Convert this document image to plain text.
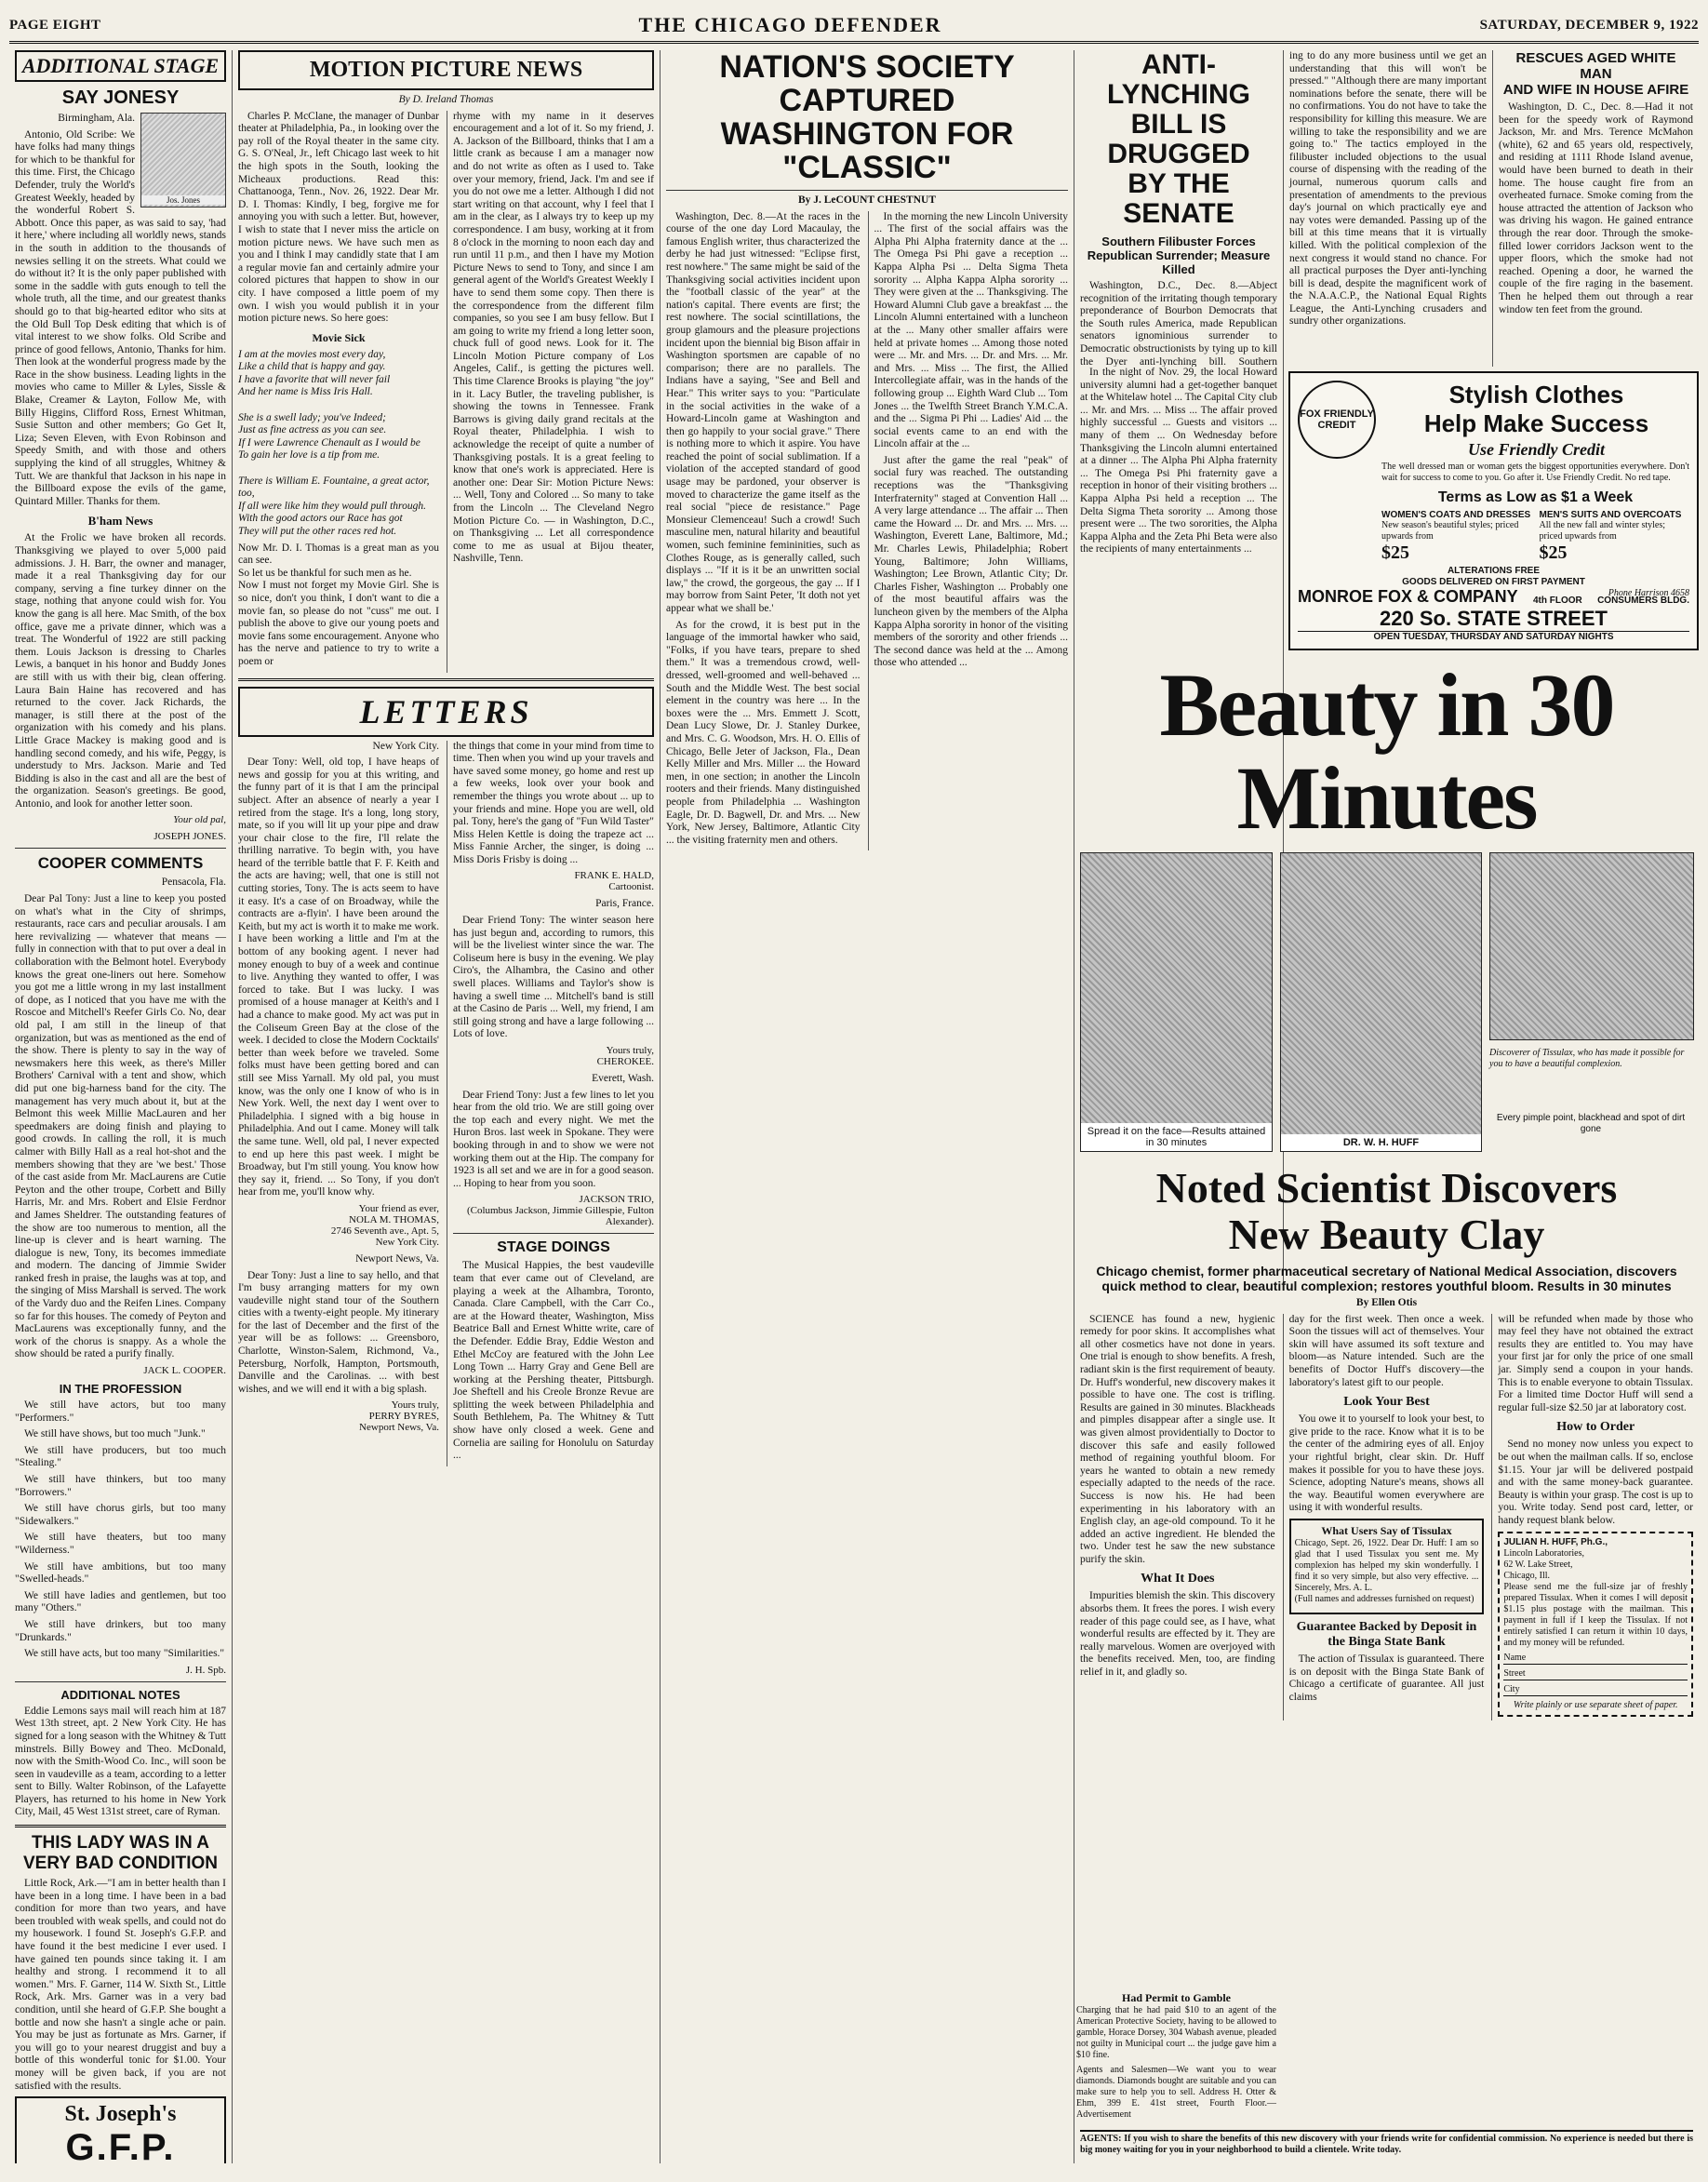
PAGE EIGHT	THE CHICAGO DEFENDER	SATURDAY, DECEMBER 9, 1922
ADDITIONAL STAGE
SAY JONESY
Jos. Jones

Birmingham, Ala.

Antonio, Old Scribe: We have folks had many things for which to be thankful for this time. First, the Chicago Defender, truly the World's Greatest Weekly, headed by the wonderful Robert S. Abbott. Once this paper, as was said to say, 'had it here,' where including all worldly news, stands in the south in addition to the thousands of newsies selling it on the streets. What could we do without it? It is the only paper published with some in the saddle with guts enough to tell the whole truth, all the time, and our greatest thanks should go to that big-hearted editor who sits at the Old Bull Top Desk editing that which is of vital interest to we show folks. Old Scribe and prince of good fellows, Antonio, Thanks for him. Then look at the wonderful progress made by the Race in the show business. Leading lights in the movies who came to Miller & Lyles, Sissle & Blake, Creamer & Layton, Follow Me, with Billy Higgins, Clifford Ross, Ernest Whitman, Susie Sutton and other members; Go Get It, Liza; Seven Eleven, with Evon Robinson and Speedy Smith, and with those and others supplying the kind of all struggles, Whitney & Tutt. We are thankful that Jackson in his nape in the Billboard expose the evils of the game, Quintard Miller. Thanks for them.

B'ham News

At the Frolic we have broken all records. Thanksgiving we played to over 5,000 paid admissions. J. H. Barr, the owner and manager, made it a real Thanksgiving day for our company, serving a fine turkey dinner on the stage, nothing that anyone could wish for. You know the gang is all here. Mac Smith, of the box office, gave me a private dinner, which was a treat. The Wonderful of 1922 are still packing them. Louis Jackson is dressing to Charles Lewis, a banquet in his honor and Buddy Jones are still with us with their big, clean offering. Laura Bain Haine has recovered and has returned to the cover. Jack Richards, the manager, is still there at the post of the organization with his comedy and his plans. Little Grace Mackey is making good and is handling second comedy, and his wife, Peggy, is understudy to Mrs. Jackson. Marie and Ted Bidding is also in the cast and all are the best of the organization. Season's greetings. Be good, Antonio, and look for another letter soon.

Your old pal,
JOSEPH JONES.
COOPER COMMENTS

Pensacola, Fla.

Dear Pal Tony: Just a line to keep you posted on what's what in the City of shrimps, restaurants, race cars and peculiar arousals. I am here revivalizing — whatever that means — fully in connection with that to put over a deal in collaboration with the Belmont hotel. Everybody knows the great one-liners out here. Somehow you got me a little wrong in my last installment of dope, as I noticed that you have me with the Roscoe and Mitchell's Reefer Girls Co. No, dear old pal, I am still in the lineup of that organization, but was as mentioned as the end of the show. There is plenty to say in the way of newsmakers here this week, as there's Miller Brothers' Carnival with a tent and show, which did put one big-harness band for the city. The management has very much about it, but at the Belmont this week Millie MacLauren and her speedmakers are doing finish and playing to good crowds. In calling the roll, it is much calmer with Billy Hall as a real hot-shot and the members showing that they are 'we best.' Those of the cast aside from Mr. MacLaurens are Cutie Peyton and the other troupe, Corbett and Billy Harris, Mr. and Mrs. Robert and Elsie Ferdnor and James Sheldrer. The outstanding features of the show are too numerous to mention, all the line-up is clever and is heart warning. The dialogue is new, Tony, its becomes immediate and modern. The dancing of Jimmie Swider ranked fresh in praise, the laughs was at top, and the singing of Miss Marshall is served. The work of the Vardy duo and the Reifen Lines. Company so far for this houses. The comedy of Peyton and MacLaurens was exceptionally funny, and the work of the chorus is snappy. As a whole the show should be rated a purify finally.

JACK L. COOPER.
IN THE PROFESSION

We still have actors, but too many "Performers."

We still have shows, but too much "Junk."

We still have producers, but too much "Stealing."

We still have thinkers, but too many "Borrowers."

We still have chorus girls, but too many "Sidewalkers."

We still have theaters, but too many "Wilderness."

We still have ambitions, but too many "Swelled-heads."

We still have ladies and gentlemen, but too many "Others."

We still have drinkers, but too many "Drunkards."

We still have acts, but too many "Similarities."

J. H. Spb.
ADDITIONAL NOTES

Eddie Lemons says mail will reach him at 187 West 13th street, apt. 2 New York City. He has signed for a long season with the Whitney & Tutt minstrels. Billy Bowey and Theo. McDonald, now with the Smith-Wood Co. Inc., will soon be seen in vaudeville as a team, according to a letter sent to Billy. Walter Robinson, of the Lafayette Players, has returned to his home in New York City, Mail, 45 West 131st street, care of Ryman.

THIS LADY WAS IN A
VERY BAD CONDITION

Little Rock, Ark.—"I am in better health than I have been in a long time. I have been in a bad condition for more than two years, and have been troubled with weak spells, and could not do my housework. I found St. Joseph's G.F.P. and have found it the best medicine I ever used. I have gained ten pounds since taking it. I am healthy and strong. I recommend it to all women." Mrs. F. Garner, 114 W. Sixth St., Little Rock, Ark. Mrs. Garner was in a very bad condition, until she heard of G.F.P. She bought a bottle and now she hasn't a single ache or pain. You may be just as fortunate as Mrs. Garner, if you will go to your nearest druggist and buy a bottle of this wonderful tonic for $1.00. Your money will be given back, if you are not satisfied with the results.

St. Joseph's
G.F.P.

MOTION PICTURE NEWS
By D. Ireland Thomas

Charles P. McClane, the manager of Dunbar theater at Philadelphia, Pa., in looking over the pay roll of the Royal theater in the same city. G. S. O'Neal, Jr., left Chicago last week to hit the high spots in the South, looking the Micheaux productions. Read this: Chattanooga, Tenn., Nov. 26, 1922. Dear Mr. D. I. Thomas: Kindly, I beg, forgive me for annoying you with such a letter. But, however, I wish to state that I never miss the article on motion picture news. We have such men as you and I think I may candidly state that I am a regular movie fan and certainly admire your colored pictures that happen to show in our city. I have composed a little poem of my own. I wish you would publish it in your motion picture news. So here goes:

Movie Sick

I am at the movies most every day,
Like a child that is happy and gay.
I have a favorite that will never fail
And her name is Miss Iris Hall.

She is a swell lady; you've Indeed;
Just as fine actress as you can see.
If I were Lawrence Chenault as I would be
To gain her love is a tip from me.

There is William E. Fountaine, a great actor, too,
If all were like him they would pull through.
With the good actors our Race has got
They will put the other races red hot.

Now Mr. D. I. Thomas is a great man as you can see.
So let us be thankful for such men as he.
Now I must not forget my Movie Girl. She is so nice, don't you think, I don't want to die a movie fan, so please do not "cuss" me out. I publish the above to give our young poets and movie fans some encouragement. Anyone who has the nerve and patience to try to write a poem or

rhyme with my name in it deserves encouragement and a lot of it. So my friend, J. A. Jackson of the Billboard, thinks that I am a little crank as because I am a manager now and do not write as often as I used to. Take over your memory, friend, Jack. I'm and see if you do not owe me a letter. Although I did not start writing on that account, why I feel that I am in the clear, as I always try to keep up my correspondence. I am busy, working at it from 8 o'clock in the morning to noon each day and run until 11 p.m., and then I have my Motion Picture News to send to Tony, and since I am general agent of the World's Greatest Weekly I have to send them some copy. Then there is the correspondence from the different film companies, so you see I am busy fellow. But I am going to write my friend a long letter soon, chuck full of good news. Look for it. The Lincoln Motion Picture company of Los Angeles, Calif., is getting the pictures well. This time Clarence Brooks is playing "the joy" in it. Lacy Butler, the traveling publisher, is showing the towns in Tennessee. Frank Barrows is giving daily grand recitals at the Royal theater, Philadelphia. I wish to acknowledge the receipt of quite a number of Thanksgiving postals. It is a great feeling to know that one's work is appreciated. Here is another one: Dear Sir: Motion Picture News: ... Well, Tony and Colored ... So many to take from the Lincoln ... The Cleveland Negro Motion Picture Co. — in Washington, D.C., on Thanksgiving ... Let all correspondence come to me as usual at Bijou theater, Nashville, Tenn.

LETTERS

New York City.

Dear Tony: Well, old top, I have heaps of news and gossip for you at this writing, and the funny part of it is that I am the principal subject. After an absence of nearly a year I retired from the stage. It's a long, long story, mate, so if you will lit up your pipe and draw your chair close to the fire, I'll relate the thrilling narrative. To begin with, you have heard of the terrible battle that F. F. Keith and the acts are having; well, that one is still not cutting stories, Tony. The is acts seem to have it easy. It's a case of on Broadway, while the contracts are a-flyin'. I have been around the Keith, but my act is worth it to make me work. I have been working a little and I'm at the bottom of any booking agent. I never had money enough to buy of a week and continue to live. Anything they wanted to offer, I was forced to take. But I was lucky. I was promised of a house manager at Keith's and I had a chance to make good. My act was put in the Coliseum Green Bay at the close of the week. I decided to close the Modern Cocktails' better than week before we traveled. Some folks must have been getting bored and can still see Miss Yarnall. My old pal, you must know, was the only one I know of who is in New York. Well, the next day I went over to Philadelphia. I signed with a big house in Philadelphia. And out I came. Money will talk the same tune. Well, old pal, I never expected to end up here this past week. I might be Broadway, but I'm still young. You know how they say it, friend. ... So Tony, if you don't hear from me, you'll know why.

Your friend as ever,
NOLA M. THOMAS,
2746 Seventh ave., Apt. 5,
New York City.

Newport News, Va.

Dear Tony: Just a line to say hello, and that I'm busy arranging matters for my own vaudeville night stand tour of the Southern cities with a twenty-eight people. My itinerary for the last of December and the first of the year will be as follows: ... Greensboro, Charlotte, Winston-Salem, Richmond, Va., Petersburg, Norfolk, Hampton, Portsmouth, Danville and the Carolinas. ... with best wishes, and we will end it with a big splash.

Yours truly,
PERRY BYRES,
Newport News, Va.

the things that come in your mind from time to time. Then when you wind up your travels and have saved some money, go home and rest up a few weeks, look over your book and remember the things you wrote about ... up to your friends and mine. Hope you are well, old pal. Tony, here's the gang of "Fun Wild Taster" Miss Helen Kettle is doing the trapeze act ... Miss Fannie Archer, the singer, is doing ... Miss Doris Frisby is doing ...

FRANK E. HALD,
Cartoonist.

Paris, France.

Dear Friend Tony: The winter season here has just begun and, according to rumors, this will be the liveliest winter since the war. The Coliseum here is busy in the evening. We play Ciro's, the Alhambra, the Casino and other swell places. Williams and Taylor's show is having a swell time ... Mitchell's band is still at the Casino de Paris ... Well, my friend, I am still going strong and have a large following ... Lots of love.

Yours truly,
CHEROKEE.

Everett, Wash.

Dear Friend Tony: Just a few lines to let you hear from the old trio. We are still going over the top each and every night. We met the Huron Bros. last week in Spokane. They were booking through in and to show we were not working them out at the Hip. The company for 1923 is all set and we are in for a good season. ... Hoping to hear from you soon.

JACKSON TRIO,
(Columbus Jackson, Jimmie Gillespie, Fulton Alexander).
STAGE DOINGS

The Musical Happies, the best vaudeville team that ever came out of Cleveland, are playing a week at the Alhambra, Toronto, Canada. Clare Campbell, with the Carr Co., are at the Howard theater, Washington, Miss Beatrice Ball and Ernest Whitte write, care of the Defender. Eddie Bray, Eddie Weston and Ethel McCoy are featured with the John Lee Long Town ... Harry Gray and Gene Bell are working at the Pershing theater, Pittsburgh. Joe Sheftell and his Creole Bronze Revue are splitting the week between Philadelphia and South Bethlehem, Pa. The Whitney & Tutt show have only closed a week. Gene and Cornelia are sailing for Honolulu on Saturday ...

NATION'S SOCIETY CAPTURED
WASHINGTON FOR "CLASSIC"
By J. LeCOUNT CHESTNUT

Washington, Dec. 8.—At the races in the course of the one day Lord Macaulay, the famous English writer, thus characterized the derby he had just witnessed: "Eclipse first, rest nowhere." The same might be said of the Thanksgiving social activities incident upon the "football classic of the year" at the nation's capital. There events are first; the rest nowhere. The social scintillations, the group glamours and the pleasure projections incident upon the biennial big Bison affair in Washington sportsmen are capable of no comparison; there are no parallels. The Indians have a saying, "See and Bell and Hear." This writer says to you: "Particulate in the social activities in the wake of a Howard-Lincoln game at Washington and then go happily to your social grave." There is nothing more to which it aspire. You have reached the point of social sublimation. If a violation of the accepted standard of good usage may be pardoned, your observer is moved to characterize the game itself as the real social "piece de resistance." Page Monsieur Clemenceau! Such a crowd! Such masculine men, natural hilarity and beautiful women, such feminine femininities, such as Clothes Rouge, as is generally called, such displays ... "If it is it be an unwritten social law," the crowd, the gorgeous, the gay ... If I may borrow from Saint Peter, 'It doth not yet appear what we shall be.'

As for the crowd, it is best put in the language of the immortal hawker who said, "Folks, if you have tears, prepare to shed them." It was a tremendous crowd, well-dressed, well-groomed and well-behaved ... South and the Middle West. The best social element in the country was here ... In the boxes were the ... Mrs. Emmett J. Scott, Dean Lucy Slowe, Dr. J. Stanley Durkee, and Mrs. C. G. Woodson, Mrs. H. O. Ellis of Chicago, Belle Jeter of Jackson, Fla., Dean Kelly Miller and Mrs. Miller ... the Howard men, in one section; in another the Lincoln rooters and their friends. Many distinguished people from Philadelphia ... Washington Eagle, Dr. D. Bagwell, Dr. and Mrs. ... New York, New Jersey, Baltimore, Atlantic City ... the visiting fraternity men and others.

In the morning the new Lincoln University ... The first of the social affairs was the Alpha Phi Alpha fraternity dance at the ... The Omega Psi Phi gave a reception ... Kappa Alpha Psi ... Delta Sigma Theta sorority ... Alpha Kappa Alpha sorority ... They were given at the ... Thanksgiving. The Howard Alumni Club gave a breakfast ... the Lincoln Alumni entertained with a luncheon at the ... Many other smaller affairs were held at private homes ... Among those noted were ... Mr. and Mrs. ... Dr. and Mrs. ... Mr. and Mrs. ... Miss ... The first, the Allied Intercollegiate affair, was in the hands of the following group ... Eighth Ward Club ... Tom Jones ... the Twelfth Street Branch Y.M.C.A. and the ... Sigma Pi Phi ... Ladies' Aid ... the social events came to an end with the Lincoln affair at the ...

Just after the game the real "peak" of social fury was reached. The outstanding receptions was the "Thanksgiving Interfraternity" staged at Convention Hall ... A very large attendance ... The affair ... Then came the Howard ... Dr. and Mrs. ... Mrs. ... Washington, Everett Lane, Baltimore, Md.; Mr. Charles Lewis, Philadelphia; Robert Young, Baltimore; John Williams, Washington; Lee Brown, Atlantic City; Dr. Charles Fisher, Washington ... Probably one of the most beautiful affairs was the luncheon given by the members of the Alpha Kappa Alpha sorority in honor of the visiting members of the sorority and other friends ... The second dance was held at the ... Among those who attended ...

ANTI-LYNCHING
BILL IS DRUGGED
BY THE SENATE
Southern Filibuster Forces Republican Surrender; Measure Killed

Washington, D.C., Dec. 8.—Abject recognition of the irritating though temporary preponderance of Bourbon Democrats that the South rules America, made Republican senators ignominious surrender to Democratic obstructionists by tying up to kill the Dyer anti-lynching bill. Southern

ing to do any more business until we get an understanding that this will won't be pressed." "Although there are many important nominations before the senate, there will be no confirmations. You do not have to take the responsibility for killing this measure. We are willing to take the responsibility and we are going to." The tactics employed in the filibuster included objections to the usual course of dispensing with the reading of the journal, numerous quorum calls and presentation of amendments to the previous day's journal on which practically eye and nay votes were demanded. Passing up of the bill at this time means that it is virtually killed. With the political complexion of the next congress it would stand no chance. For all practical purposes the Dyer anti-lynching bill is dead, despite the magnificent work of the N.A.A.C.P., the National Equal Rights League, the Anti-Lynching crusaders and sundry other organizations.

RESCUES AGED WHITE MAN
AND WIFE IN HOUSE AFIRE

Washington, D. C., Dec. 8.—Had it not been for the speedy work of Raymond Jackson, Mr. and Mrs. Terence McMahon (white), 62 and 65 years old, respectively, and residing at 1111 Rhode Island avenue, would have been burned to death in their home. The house caught fire from an overheated furnace. Smoke coming from the house attracted the attention of Jackson who was driving his wagon. He gained entrance through the rear door. Through the smoke-filled lower corridors Jackson went to the upper floors, which the smoke had not reached. Opening a door, he warned the couple of the fire raging in the basement. Then he helped them out through a rear window ten feet from the ground.

In the night of Nov. 29, the local Howard university alumni had a get-together banquet at the Whitelaw hotel ... The Capital City club ... Mr. and Mrs. ... Miss ... The affair proved highly successful ... Guests and visitors ... many of them ... On Wednesday before Thanksgiving the Lincoln alumni entertained at a dinner ... The Alpha Phi Alpha fraternity ... The Omega Psi Phi fraternity gave a reception in honor of their visiting brothers ... Kappa Alpha Psi held a reception ... The Delta Sigma Theta sorority ... Among those present were ... The two sororities, the Alpha Kappa Alpha and the Zeta Phi Beta were also the recipients of many entertainments ...

FOX FRIENDLY CREDIT
Stylish Clothes
Help Make Success
Use Friendly Credit

The well dressed man or woman gets the biggest opportunities everywhere. Don't wait for success to come to you. Go after it. Use Friendly Credit. No red tape.

Terms as Low as $1 a Week
WOMEN'S COATS AND DRESSES
New season's beautiful styles; priced upwards from
$25
MEN'S SUITS AND OVERCOATS
All the new fall and winter styles; priced upwards from
$25
ALTERATIONS FREE
GOODS DELIVERED ON FIRST PAYMENT
Phone Harrison 4658
MONROE FOX & COMPANY 4th FLOOR CONSUMERS BLDG.
220 So. STATE STREET
OPEN TUESDAY, THURSDAY AND SATURDAY NIGHTS
Beauty in 30 Minutes
Spread it on the face—Results attained in 30 minutes	DR. W. H. HUFF
Discoverer of Tissulax, who has made it possible for you to have a beautiful complexion.
Every pimple point, blackhead and spot of dirt gone
Noted Scientist Discovers
New Beauty Clay
Chicago chemist, former pharmaceutical secretary of National Medical Association, discovers quick method to clear, beautiful complexion; restores youthful bloom. Results in 30 minutes
By Ellen Otis

SCIENCE has found a new, hygienic remedy for poor skins. It accomplishes what all other cosmetics have not done in years. One trial is enough to show benefits. A fresh, radiant skin is the first requirement of beauty. Dr. Huff's wonderful, new discovery makes it possible to have one. The cost is trifling. Results are gained in 30 minutes. Blackheads and pimples disappear after a single use. It was given almost providentially to Doctor to discover this safe and easily followed method of regaining youthful bloom. For years he wanted to obtain a new remedy especially adapted to the needs of the race. Success is now his. He had been experimenting in his laboratory with an English clay, an age-old compound. To it he added an active ingredient. He blended the two. Under test he saw the new substance purify the skin.

What It Does

Impurities blemish the skin. This discovery absorbs them. It frees the pores. I wish every reader of this page could see, as I have, what wonderful results are effected by it. They are really marvelous. Women are overjoyed with the benefits received. Men, too, are finding relief in it, and gladly so.

day for the first week. Then once a week. Soon the tissues will act of themselves. Your skin will have assumed its soft texture and bloom—as Nature intended. Such are the benefits of Doctor Huff's discovery—the laboratory's latest gift to our people.

Look Your Best

You owe it to yourself to look your best, to give pride to the race. Know what it is to be the center of the admiring eyes of all. Enjoy your rightful bright, clear skin. Dr. Huff makes it possible for you to have these joys. Science, adopting Nature's means, shows all the way. Beautiful women everywhere are using it with wonderful results.

What Users Say of Tissulax

Chicago, Sept. 26, 1922. Dear Dr. Huff: I am so glad that I used Tissulax you sent me. My complexion has helped my skin wonderfully. I find it so very simple, but also very effective. ... Sincerely, Mrs. A. L.
(Full names and addresses furnished on request)

Guarantee Backed by Deposit in the Binga State Bank

The action of Tissulax is guaranteed. There is on deposit with the Binga State Bank of Chicago a certificate of guarantee. All just claims

will be refunded when made by those who may feel they have not obtained the extract results they are entitled to. You may have your first jar for only the price of one small jar. Simply send a coupon in your hands. This is to enable everyone to obtain Tissulax. For a limited time Doctor Huff will send a regular full-size $2.50 jar at laboratory cost.

How to Order

Send no money now unless you expect to be out when the mailman calls. If so, enclose $1.15. Your jar will be delivered postpaid and with the same money-back guarantee. Beauty is within your grasp. The cost is up to you. Write today. Send post card, letter, or handy request blank below.

JULIAN H. HUFF, Ph.G.,
Lincoln Laboratories,
62 W. Lake Street,
Chicago, Ill.

Please send me the full-size jar of freshly prepared Tissulax. When it comes I will deposit $1.15 plus postage with the mailman. This payment in full if I keep the Tissulax. If not entirely satisfied I can return it within 10 days, and my money will be refunded.

Name
Street
City
Write plainly or use separate sheet of paper.

AGENTS: If you wish to share the benefits of this new discovery with your friends write for confidential commission. No experience is needed but there is big money waiting for you in your neighborhood to build a clientele. Write today.

Had Permit to Gamble

Charging that he had paid $10 to an agent of the American Protective Society, having to be allowed to gamble, Horace Dorsey, 304 Wabash avenue, pleaded not guilty in Municipal court ... the judge gave him a $10 fine.

Agents and Salesmen—We want you to wear diamonds. Diamonds bought are suitable and you can make sure to help you to sell. Address H. Otter & Ehm, 399 E. 41st street, Fourth Floor.—Advertisement
